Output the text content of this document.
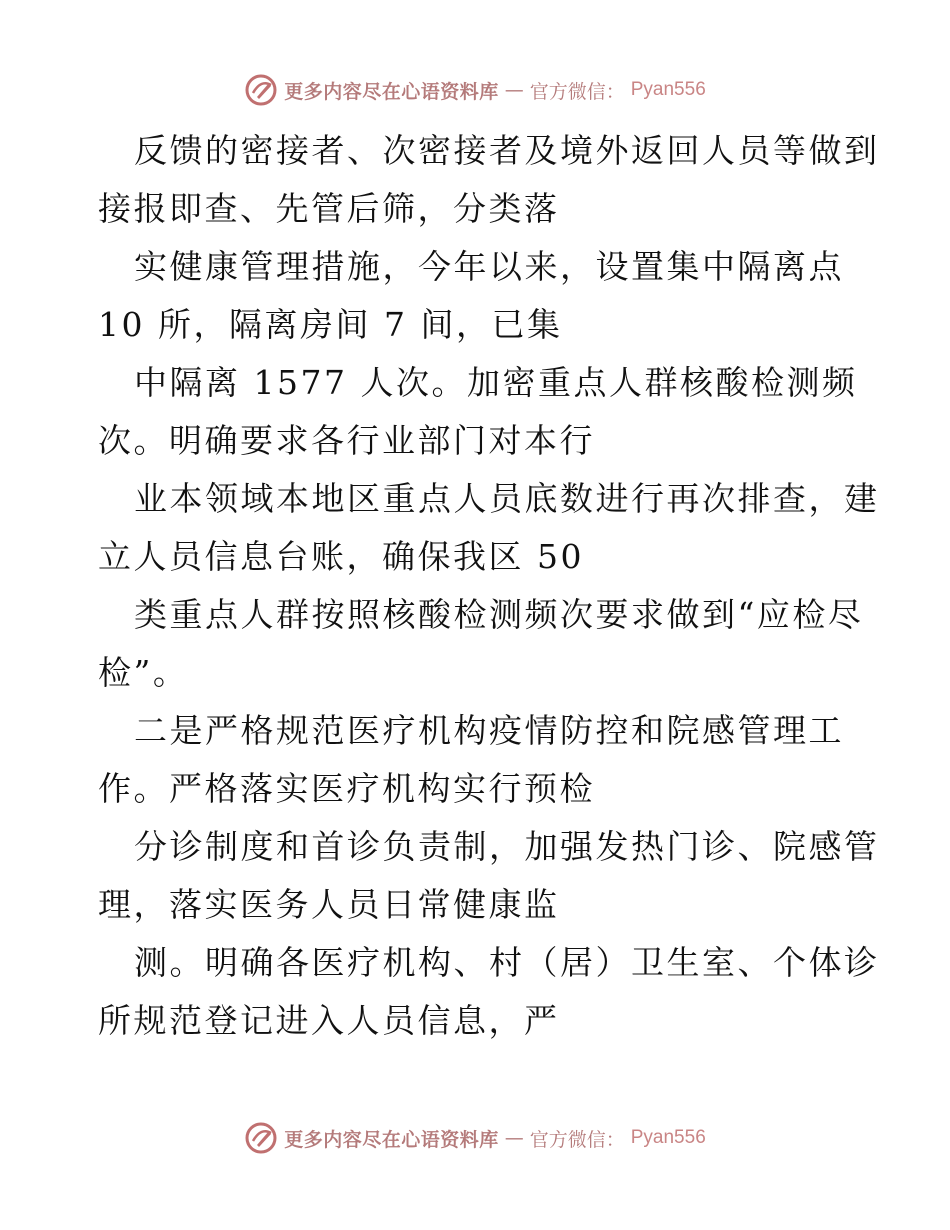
更多内容尽在心语资料库 — 官方微信： Pyan556
反馈的密接者、次密接者及境外返回人员等做到
接报即查、先管后筛，分类落
实健康管理措施，今年以来，设置集中隔离点
10 所，隔离房间 7 间，已集
中隔离 1577 人次。加密重点人群核酸检测频
次。明确要求各行业部门对本行
业本领域本地区重点人员底数进行再次排查，建
立人员信息台账，确保我区 50
类重点人群按照核酸检测频次要求做到“应检尽
检”。
二是严格规范医疗机构疫情防控和院感管理工
作。严格落实医疗机构实行预检
分诊制度和首诊负责制，加强发热门诊、院感管
理，落实医务人员日常健康监
测。明确各医疗机构、村（居）卫生室、个体诊
所规范登记进入人员信息，严
更多内容尽在心语资料库 — 官方微信： Pyan556
